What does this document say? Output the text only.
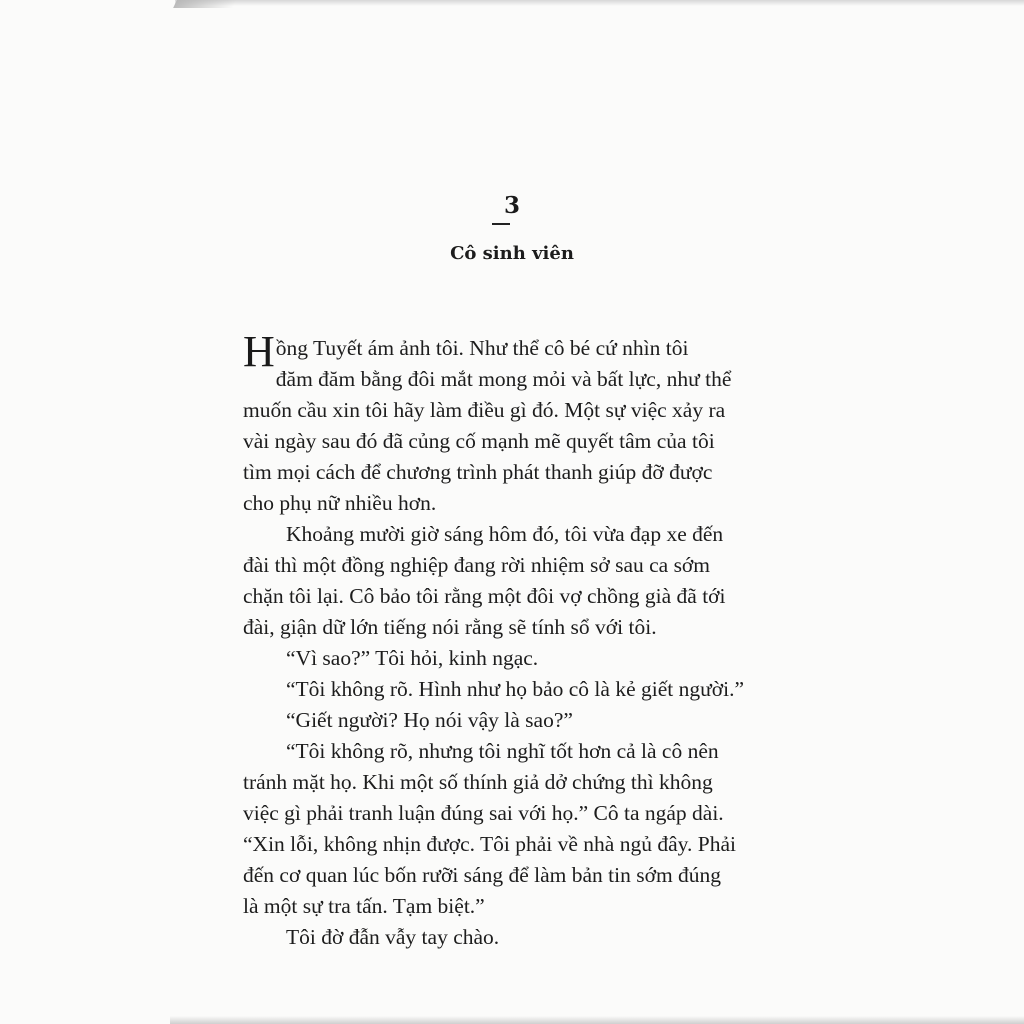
3
Cô sinh viên
Hồng Tuyết ám ảnh tôi. Như thể cô bé cứ nhìn tôi
đăm đăm bằng đôi mắt mong mỏi và bất lực, như thể
muốn cầu xin tôi hãy làm điều gì đó. Một sự việc xảy ra
vài ngày sau đó đã củng cố mạnh mẽ quyết tâm của tôi
tìm mọi cách để chương trình phát thanh giúp đỡ được
cho phụ nữ nhiều hơn.
Khoảng mười giờ sáng hôm đó, tôi vừa đạp xe đến
đài thì một đồng nghiệp đang rời nhiệm sở sau ca sớm
chặn tôi lại. Cô bảo tôi rằng một đôi vợ chồng già đã tới
đài, giận dữ lớn tiếng nói rằng sẽ tính sổ với tôi.
“Vì sao?” Tôi hỏi, kinh ngạc.
“Tôi không rõ. Hình như họ bảo cô là kẻ giết người.”
“Giết người? Họ nói vậy là sao?”
“Tôi không rõ, nhưng tôi nghĩ tốt hơn cả là cô nên
tránh mặt họ. Khi một số thính giả dở chứng thì không
việc gì phải tranh luận đúng sai với họ.” Cô ta ngáp dài.
“Xin lỗi, không nhịn được. Tôi phải về nhà ngủ đây. Phải
đến cơ quan lúc bốn rưỡi sáng để làm bản tin sớm đúng
là một sự tra tấn. Tạm biệt.”
Tôi đờ đẫn vẫy tay chào.
